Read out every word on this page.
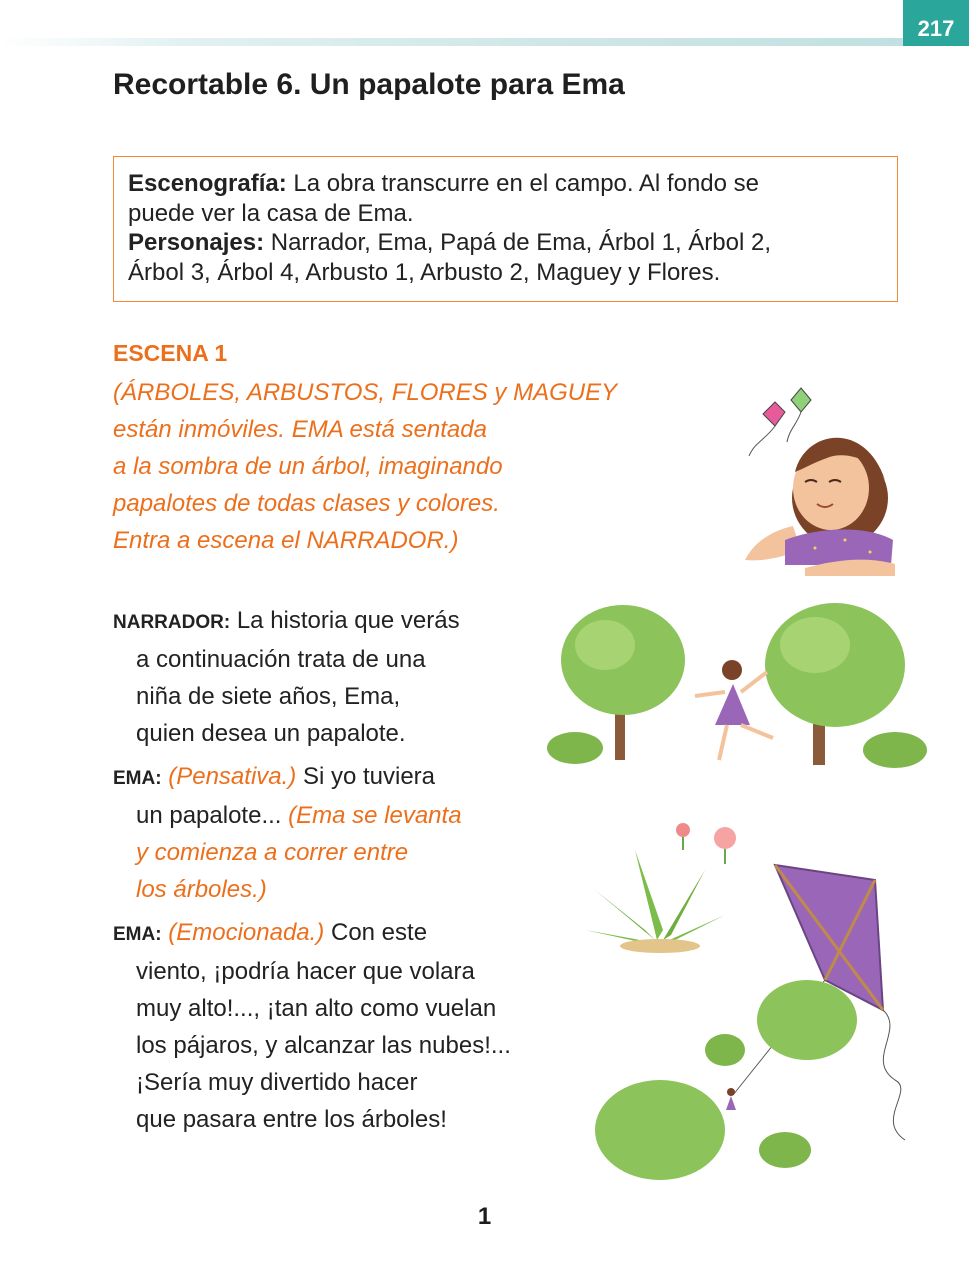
217
Recortable 6. Un papalote para Ema
Escenografía: La obra transcurre en el campo. Al fondo se
puede ver la casa de Ema.
Personajes: Narrador, Ema, Papá de Ema, Árbol 1, Árbol 2,
Árbol 3, Árbol 4, Arbusto 1, Arbusto 2, Maguey y Flores.
ESCENA 1
(ÁRBOLES, ARBUSTOS, FLORES y MAGUEY
están inmóviles. EMA está sentada
a la sombra de un árbol, imaginando
papalotes de todas clases y colores.
Entra a escena el NARRADOR.)
NARRADOR: La historia que verás
a continuación trata de una
niña de siete años, Ema,
quien desea un papalote.
EMA: (Pensativa.) Si yo tuviera
un papalote... (Ema se levanta
y comienza a correr entre
los árboles.)
EMA: (Emocionada.) Con este
viento, ¡podría hacer que volara
muy alto!..., ¡tan alto como vuelan
los pájaros, y alcanzar las nubes!...
¡Sería muy divertido hacer
que pasara entre los árboles!
1
